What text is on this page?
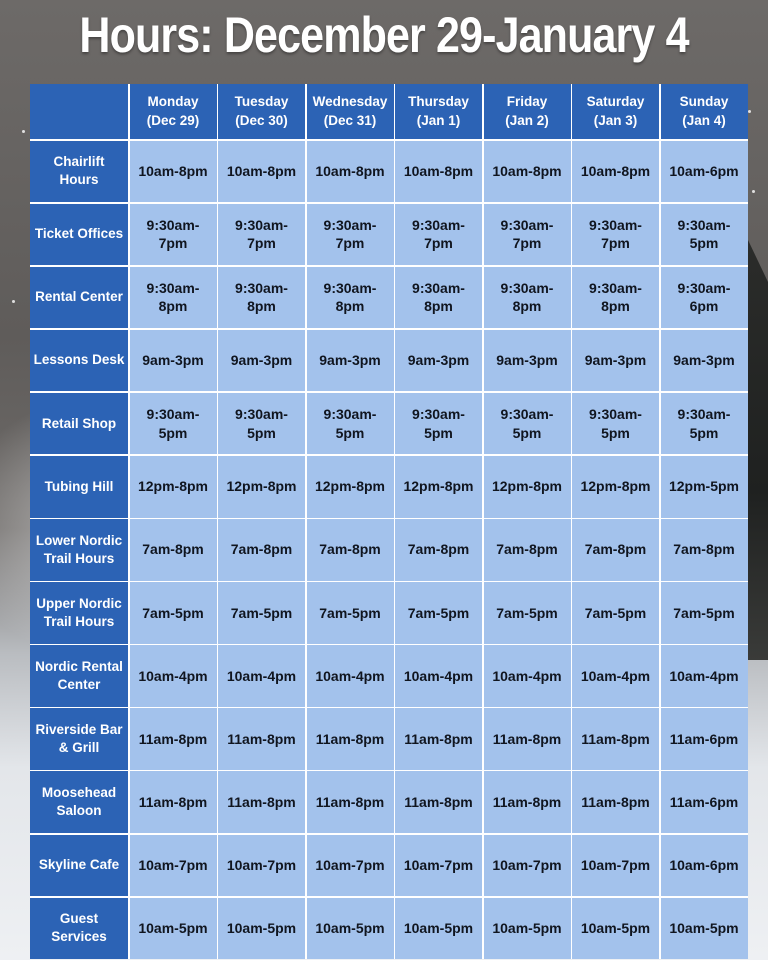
Hours: December 29-January 4
Monday
(Dec 29)
Tuesday
(Dec 30)
Wednesday
(Dec 31)
Thursday
(Jan 1)
Friday
(Jan 2)
Saturday
(Jan 3)
Sunday
(Jan 4)
Chairlift
Hours
10am-8pm 10am-8pm 10am-8pm 10am-8pm 10am-8pm 10am-8pm 10am-6pm
Ticket Offices
9:30am-
7pm
9:30am-
7pm
9:30am-
7pm
9:30am-
7pm
9:30am-
7pm
9:30am-
7pm
9:30am-
5pm
Rental Center
9:30am-
8pm
9:30am-
8pm
9:30am-
8pm
9:30am-
8pm
9:30am-
8pm
9:30am-
8pm
9:30am-
6pm
Lessons Desk 9am-3pm 9am-3pm 9am-3pm 9am-3pm 9am-3pm 9am-3pm 9am-3pm
Retail Shop
9:30am-
5pm
9:30am-
5pm
9:30am-
5pm
9:30am-
5pm
9:30am-
5pm
9:30am-
5pm
9:30am-
5pm
Tubing Hill 12pm-8pm 12pm-8pm 12pm-8pm 12pm-8pm 12pm-8pm 12pm-8pm 12pm-5pm
Lower Nordic
Trail Hours
7am-8pm 7am-8pm 7am-8pm 7am-8pm 7am-8pm 7am-8pm 7am-8pm
Upper Nordic
Trail Hours
7am-5pm 7am-5pm 7am-5pm 7am-5pm 7am-5pm 7am-5pm 7am-5pm
Nordic Rental
Center
10am-4pm 10am-4pm 10am-4pm 10am-4pm 10am-4pm 10am-4pm 10am-4pm
Riverside Bar
& Grill
11am-8pm 11am-8pm 11am-8pm 11am-8pm 11am-8pm 11am-8pm 11am-6pm
Moosehead
Saloon
11am-8pm 11am-8pm 11am-8pm 11am-8pm 11am-8pm 11am-8pm 11am-6pm
Skyline Cafe 10am-7pm 10am-7pm 10am-7pm 10am-7pm 10am-7pm 10am-7pm 10am-6pm
Guest
Services
10am-5pm 10am-5pm 10am-5pm 10am-5pm 10am-5pm 10am-5pm 10am-5pm
